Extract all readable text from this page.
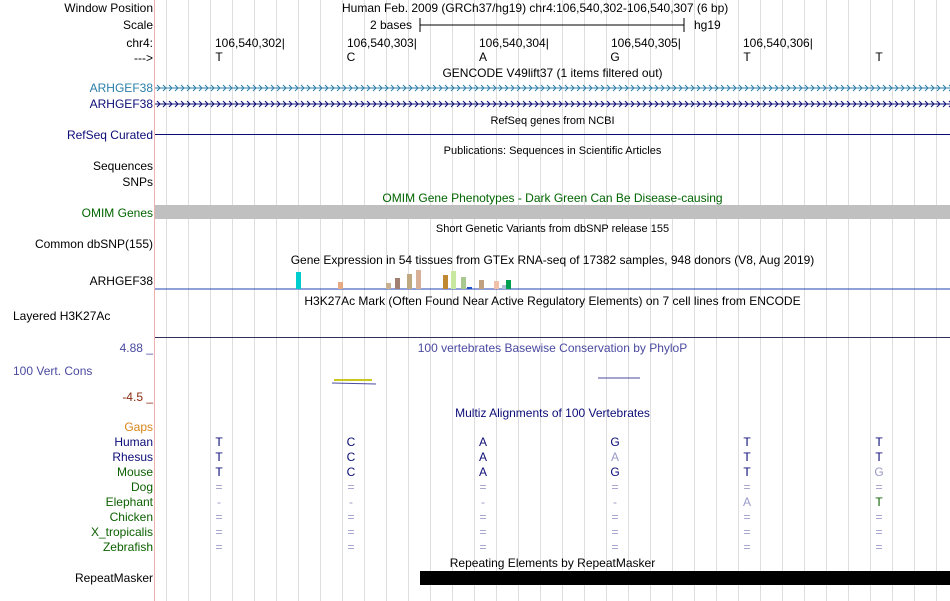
Window Position	Human Feb. 2009 (GRCh37/hg19) chr4:106,540,302-106,540,307 (6 bp)
Scale	2 bases	hg19
chr4:	106,540,302|	106,540,303|	106,540,304|	106,540,305|	106,540,306|
--->	T	C	A	G	T	T
GENCODE V49lift37 (1 items filtered out)
ARHGEF38
ARHGEF38
RefSeq genes from NCBI
RefSeq Curated
Publications: Sequences in Scientific Articles
Sequences
SNPs
OMIM Gene Phenotypes - Dark Green Can Be Disease-causing
OMIM Genes
Short Genetic Variants from dbSNP release 155
Common dbSNP(155)
Gene Expression in 54 tissues from GTEx RNA-seq of 17382 samples, 948 donors (V8, Aug 2019)
ARHGEF38
H3K27Ac Mark (Often Found Near Active Regulatory Elements) on 7 cell lines from ENCODE
Layered H3K27Ac
4.88 _	100 vertebrates Basewise Conservation by PhyloP
100 Vert. Cons
-4.5 _
Multiz Alignments of 100 Vertebrates
Gaps
Human	T	C	A	G	T	T
Rhesus	T	C	A	A	T	T
Mouse	T	C	A	G	T	G
Dog	=	=	=	=	=	=
Elephant	-	-	-	-	A	T
Chicken	=	=	=	=	=	=
X_tropicalis	=	=	=	=	=	=
Zebrafish	=	=	=	=	=	=
Repeating Elements by RepeatMasker
RepeatMasker
